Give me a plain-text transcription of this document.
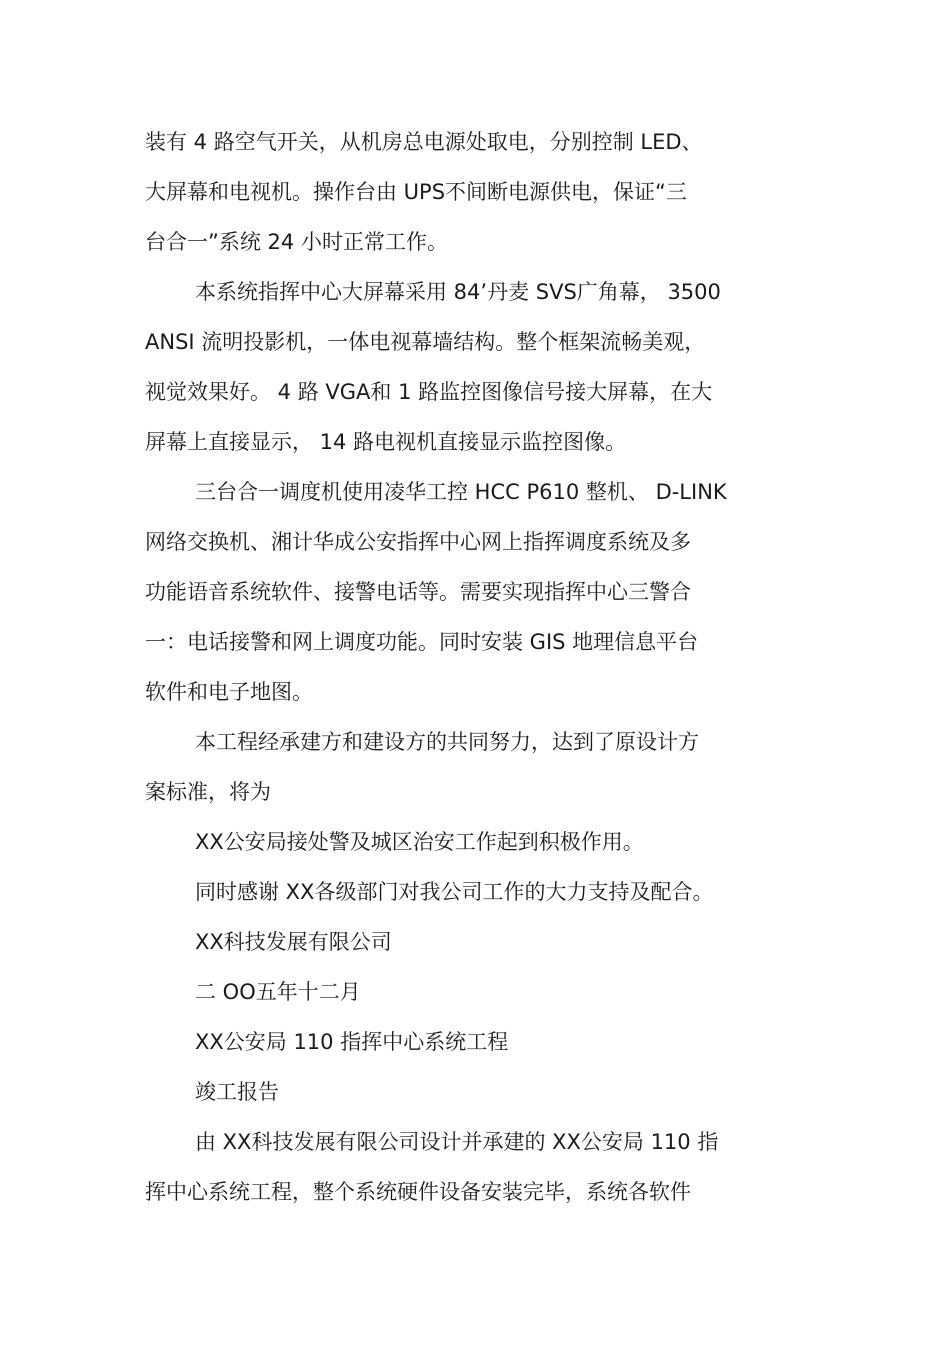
装有 4 路空气开关，从机房总电源处取电，分别控制 LED、
大屏幕和电视机。操作台由 UPS不间断电源供电，保证“三
台合一”系统 24 小时正常工作。
本系统指挥中心大屏幕采用 84’丹麦 SVS广角幕， 3500
ANSI 流明投影机，一体电视幕墙结构。整个框架流畅美观，
视觉效果好。 4 路 VGA和 1 路监控图像信号接大屏幕，在大
屏幕上直接显示， 14 路电视机直接显示监控图像。
三台合一调度机使用凌华工控 HCC P610 整机、 D-LINK
网络交换机、湘计华成公安指挥中心网上指挥调度系统及多
功能语音系统软件、接警电话等。需要实现指挥中心三警合
一：电话接警和网上调度功能。同时安装 GIS 地理信息平台
软件和电子地图。
本工程经承建方和建设方的共同努力，达到了原设计方
案标准，将为
XX公安局接处警及城区治安工作起到积极作用。
同时感谢 XX各级部门对我公司工作的大力支持及配合。
XX科技发展有限公司
二 OO五年十二月
XX公安局 110 指挥中心系统工程
竣工报告
由 XX科技发展有限公司设计并承建的 XX公安局 110 指
挥中心系统工程，整个系统硬件设备安装完毕，系统各软件
